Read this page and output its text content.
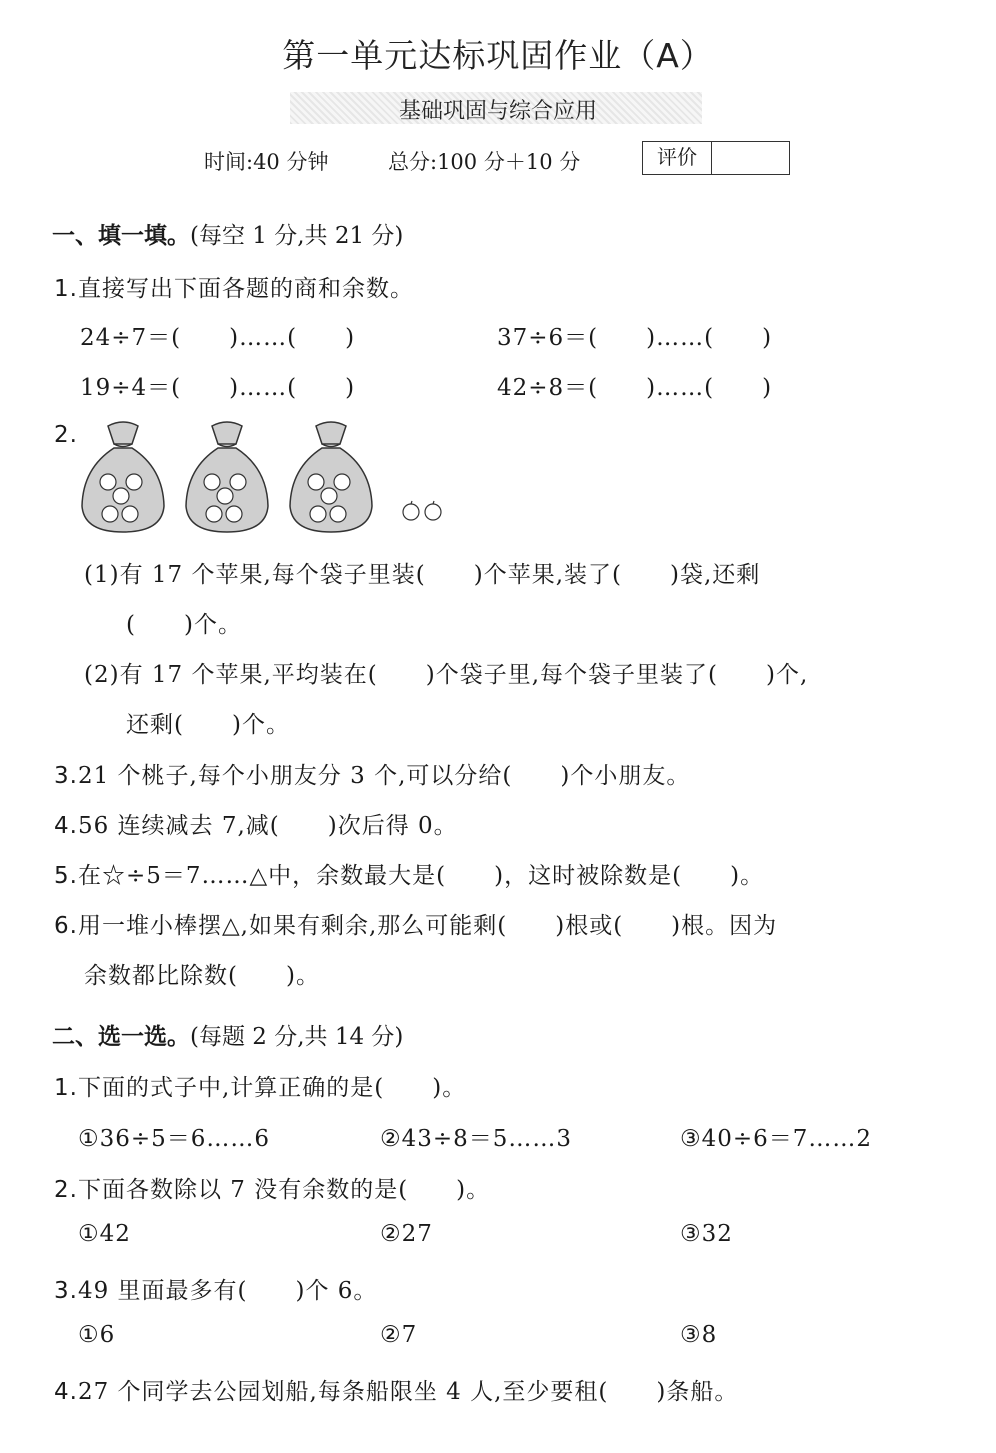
第一单元达标巩固作业（A）
基础巩固与综合应用
时间:40 分钟	总分:100 分＋10 分	评价
一、填一填。(每空 1 分,共 21 分)
1.直接写出下面各题的商和余数。
24÷7＝(　　)……(　　)	37÷6＝(　　)……(　　)
19÷4＝(　　)……(　　)	42÷8＝(　　)……(　　)
2.
(1)有 17 个苹果,每个袋子里装(　　)个苹果,装了(　　)袋,还剩
(　　)个。
(2)有 17 个苹果,平均装在(　　)个袋子里,每个袋子里装了(　　)个,
还剩(　　)个。
3.21 个桃子,每个小朋友分 3 个,可以分给(　　)个小朋友。
4.56 连续减去 7,减(　　)次后得 0。
5.在☆÷5＝7……△中，余数最大是(　　)，这时被除数是(　　)。
6.用一堆小棒摆△,如果有剩余,那么可能剩(　　)根或(　　)根。因为
余数都比除数(　　)。
二、选一选。(每题 2 分,共 14 分)
1.下面的式子中,计算正确的是(　　)。
①36÷5＝6……6	②43÷8＝5……3	③40÷6＝7……2
2.下面各数除以 7 没有余数的是(　　)。
①42	②27	③32
3.49 里面最多有(　　)个 6。
①6	②7	③8
4.27 个同学去公园划船,每条船限坐 4 人,至少要租(　　)条船。
